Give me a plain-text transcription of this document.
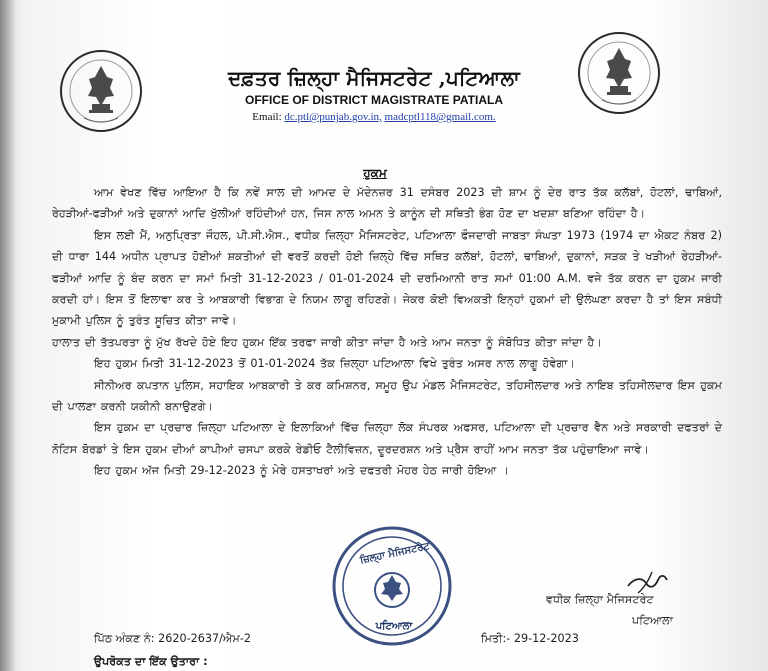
ਦਫ਼ਤਰ ਜ਼ਿਲ੍ਹਾ ਮੈਜਿਸਟਰੇਟ ,ਪਟਿਆਲਾ
OFFICE OF DISTRICT MAGISTRATE PATIALA
Email: dc.ptl@punjab.gov.in, madcptl118@gmail.com.
ਹੁਕਮ

ਆਮ ਵੇਖਣ ਵਿੱਚ ਆਇਆ ਹੈ ਕਿ ਨਵੇਂ ਸਾਲ ਦੀ ਆਮਦ ਦੇ ਮੱਦੇਨਜ਼ਰ 31 ਦਸੰਬਰ 2023 ਦੀ ਸ਼ਾਮ ਨੂੰ ਦੇਰ ਰਾਤ ਤੱਕ ਕਲੱਬਾਂ, ਹੋਟਲਾਂ, ਢਾਬਿਆਂ, ਰੇਹੜੀਆਂ-ਫੜੀਆਂ ਅਤੇ ਦੁਕਾਨਾਂ ਆਦਿ ਖੁੱਲੀਆਂ ਰਹਿੰਦੀਆਂ ਹਨ, ਜਿਸ ਨਾਲ ਅਮਨ ਤੇ ਕਾਨੂੰਨ ਦੀ ਸਥਿਤੀ ਭੰਗ ਹੋਣ ਦਾ ਖਦਸ਼ਾ ਬਣਿਆ ਰਹਿੰਦਾ ਹੈ।

ਇਸ ਲਈ ਮੈਂ, ਅਨੁਪ੍ਰਿਤਾ ਜੌਹਲ, ਪੀ.ਸੀ.ਐਸ., ਵਧੀਕ ਜ਼ਿਲ੍ਹਾ ਮੈਜਿਸਟਰੇਟ, ਪਟਿਆਲਾ ਫੌਜਦਾਰੀ ਜਾਬਤਾ ਸੰਘਤਾ 1973 (1974 ਦਾ ਐਕਟ ਨੰਬਰ 2) ਦੀ ਧਾਰਾ 144 ਅਧੀਨ ਪ੍ਰਾਪਤ ਹੋਈਆਂ ਸ਼ਕਤੀਆਂ ਦੀ ਵਰਤੋਂ ਕਰਦੀ ਹੋਈ ਜ਼ਿਲ੍ਹੇ ਵਿੱਚ ਸਥਿਤ ਕਲੱਬਾਂ, ਹੋਟਲਾਂ, ਢਾਬਿਆਂ, ਦੁਕਾਨਾਂ, ਸੜਕ ਤੇ ਖੜੀਆਂ ਰੇਹੜੀਆਂ-ਫੜੀਆਂ ਆਦਿ ਨੂੰ ਬੰਦ ਕਰਨ ਦਾ ਸਮਾਂ ਮਿਤੀ 31-12-2023 / 01-01-2024 ਦੀ ਦਰਮਿਆਨੀ ਰਾਤ ਸਮਾਂ 01:00 A.M. ਵਜੇ ਤੱਕ ਕਰਨ ਦਾ ਹੁਕਮ ਜਾਰੀ ਕਰਦੀ ਹਾਂ। ਇਸ ਤੋਂ ਇਲਾਵਾ ਕਰ ਤੇ ਆਬਕਾਰੀ ਵਿਭਾਗ ਦੇ ਨਿਯਮ ਲਾਗੂ ਰਹਿਣਗੇ। ਜੇਕਰ ਕੋਈ ਵਿਅਕਤੀ ਇਨ੍ਹਾਂ ਹੁਕਮਾਂ ਦੀ ਉਲੰਘਣਾ ਕਰਦਾ ਹੈ ਤਾਂ ਇਸ ਸਬੰਧੀ ਮੁਕਾਮੀ ਪੁਲਿਸ ਨੂੰ ਤੁਰੰਤ ਸੂਚਿਤ ਕੀਤਾ ਜਾਵੇ।

ਹਾਲਾਤ ਦੀ ਤੱਤਪਰਤਾ ਨੂੰ ਮੁੱਖ ਰੱਖਦੇ ਹੋਏ ਇਹ ਹੁਕਮ ਇੱਕ ਤਰਫਾ ਜਾਰੀ ਕੀਤਾ ਜਾਂਦਾ ਹੈ ਅਤੇ ਆਮ ਜਨਤਾ ਨੂੰ ਸੰਬੋਧਿਤ ਕੀਤਾ ਜਾਂਦਾ ਹੈ।

ਇਹ ਹੁਕਮ ਮਿਤੀ 31-12-2023 ਤੋਂ 01-01-2024 ਤੱਕ ਜ਼ਿਲ੍ਹਾ ਪਟਿਆਲਾ ਵਿਖੇ ਤੁਰੰਤ ਅਸਰ ਨਾਲ ਲਾਗੂ ਹੋਵੇਗਾ।

ਸੀਨੀਅਰ ਕਪਤਾਨ ਪੁਲਿਸ, ਸਹਾਇਕ ਆਬਕਾਰੀ ਤੇ ਕਰ ਕਮਿਸ਼ਨਰ, ਸਮੂਹ ਉਪ ਮੰਡਲ ਮੈਜਿਸਟਰੇਟ, ਤਹਿਸੀਲਦਾਰ ਅਤੇ ਨਾਇਬ ਤਹਿਸੀਲਦਾਰ ਇਸ ਹੁਕਮ ਦੀ ਪਾਲਣਾ ਕਰਨੀ ਯਕੀਨੀ ਬਨਾਉਣਗੇ।

ਇਸ ਹੁਕਮ ਦਾ ਪ੍ਰਚਾਰ ਜ਼ਿਲ੍ਹਾ ਪਟਿਆਲਾ ਦੇ ਇਲਾਕਿਆਂ ਵਿੱਚ ਜ਼ਿਲ੍ਹਾ ਲੋਕ ਸੰਪਰਕ ਅਫਸਰ, ਪਟਿਆਲਾ ਦੀ ਪ੍ਰਚਾਰ ਵੈਨ ਅਤੇ ਸਰਕਾਰੀ ਦਫਤਰਾਂ ਦੇ ਨੋਟਿਸ ਬੋਰਡਾਂ ਤੇ ਇਸ ਹੁਕਮ ਦੀਆਂ ਕਾਪੀਆਂ ਚਸਪਾ ਕਰਕੇ ਰੇਡੀਓ ਟੈਲੀਵਿਜ਼ਨ, ਦੂਰਦਰਸ਼ਨ ਅਤੇ ਪ੍ਰੈਸ ਰਾਹੀਂ ਆਮ ਜਨਤਾ ਤੱਕ ਪਹੁੰਚਾਇਆ ਜਾਵੇ।

ਇਹ ਹੁਕਮ ਅੱਜ ਮਿਤੀ 29-12-2023 ਨੂੰ ਮੇਰੇ ਹਸਤਾਖਰਾਂ ਅਤੇ ਦਫਤਰੀ ਮੋਹਰ ਹੇਠ ਜਾਰੀ ਹੋਇਆ ।

ਜ਼ਿਲ੍ਹਾ ਮੈਜਿਸਟਰੇਟ
ਪਟਿਆਲਾ
ਵਧੀਕ ਜ਼ਿਲ੍ਹਾ ਮੈਜਿਸਟਰੇਟ
ਪਟਿਆਲਾ
ਪਿੱਠ ਅੰਕਣ ਨੰ: 2620-2637/ਐਮ-2	ਮਿਤੀ:- 29-12-2023
ਉਪਰੋਕਤ ਦਾ ਇੱਕ ਉਤਾਰਾ :
